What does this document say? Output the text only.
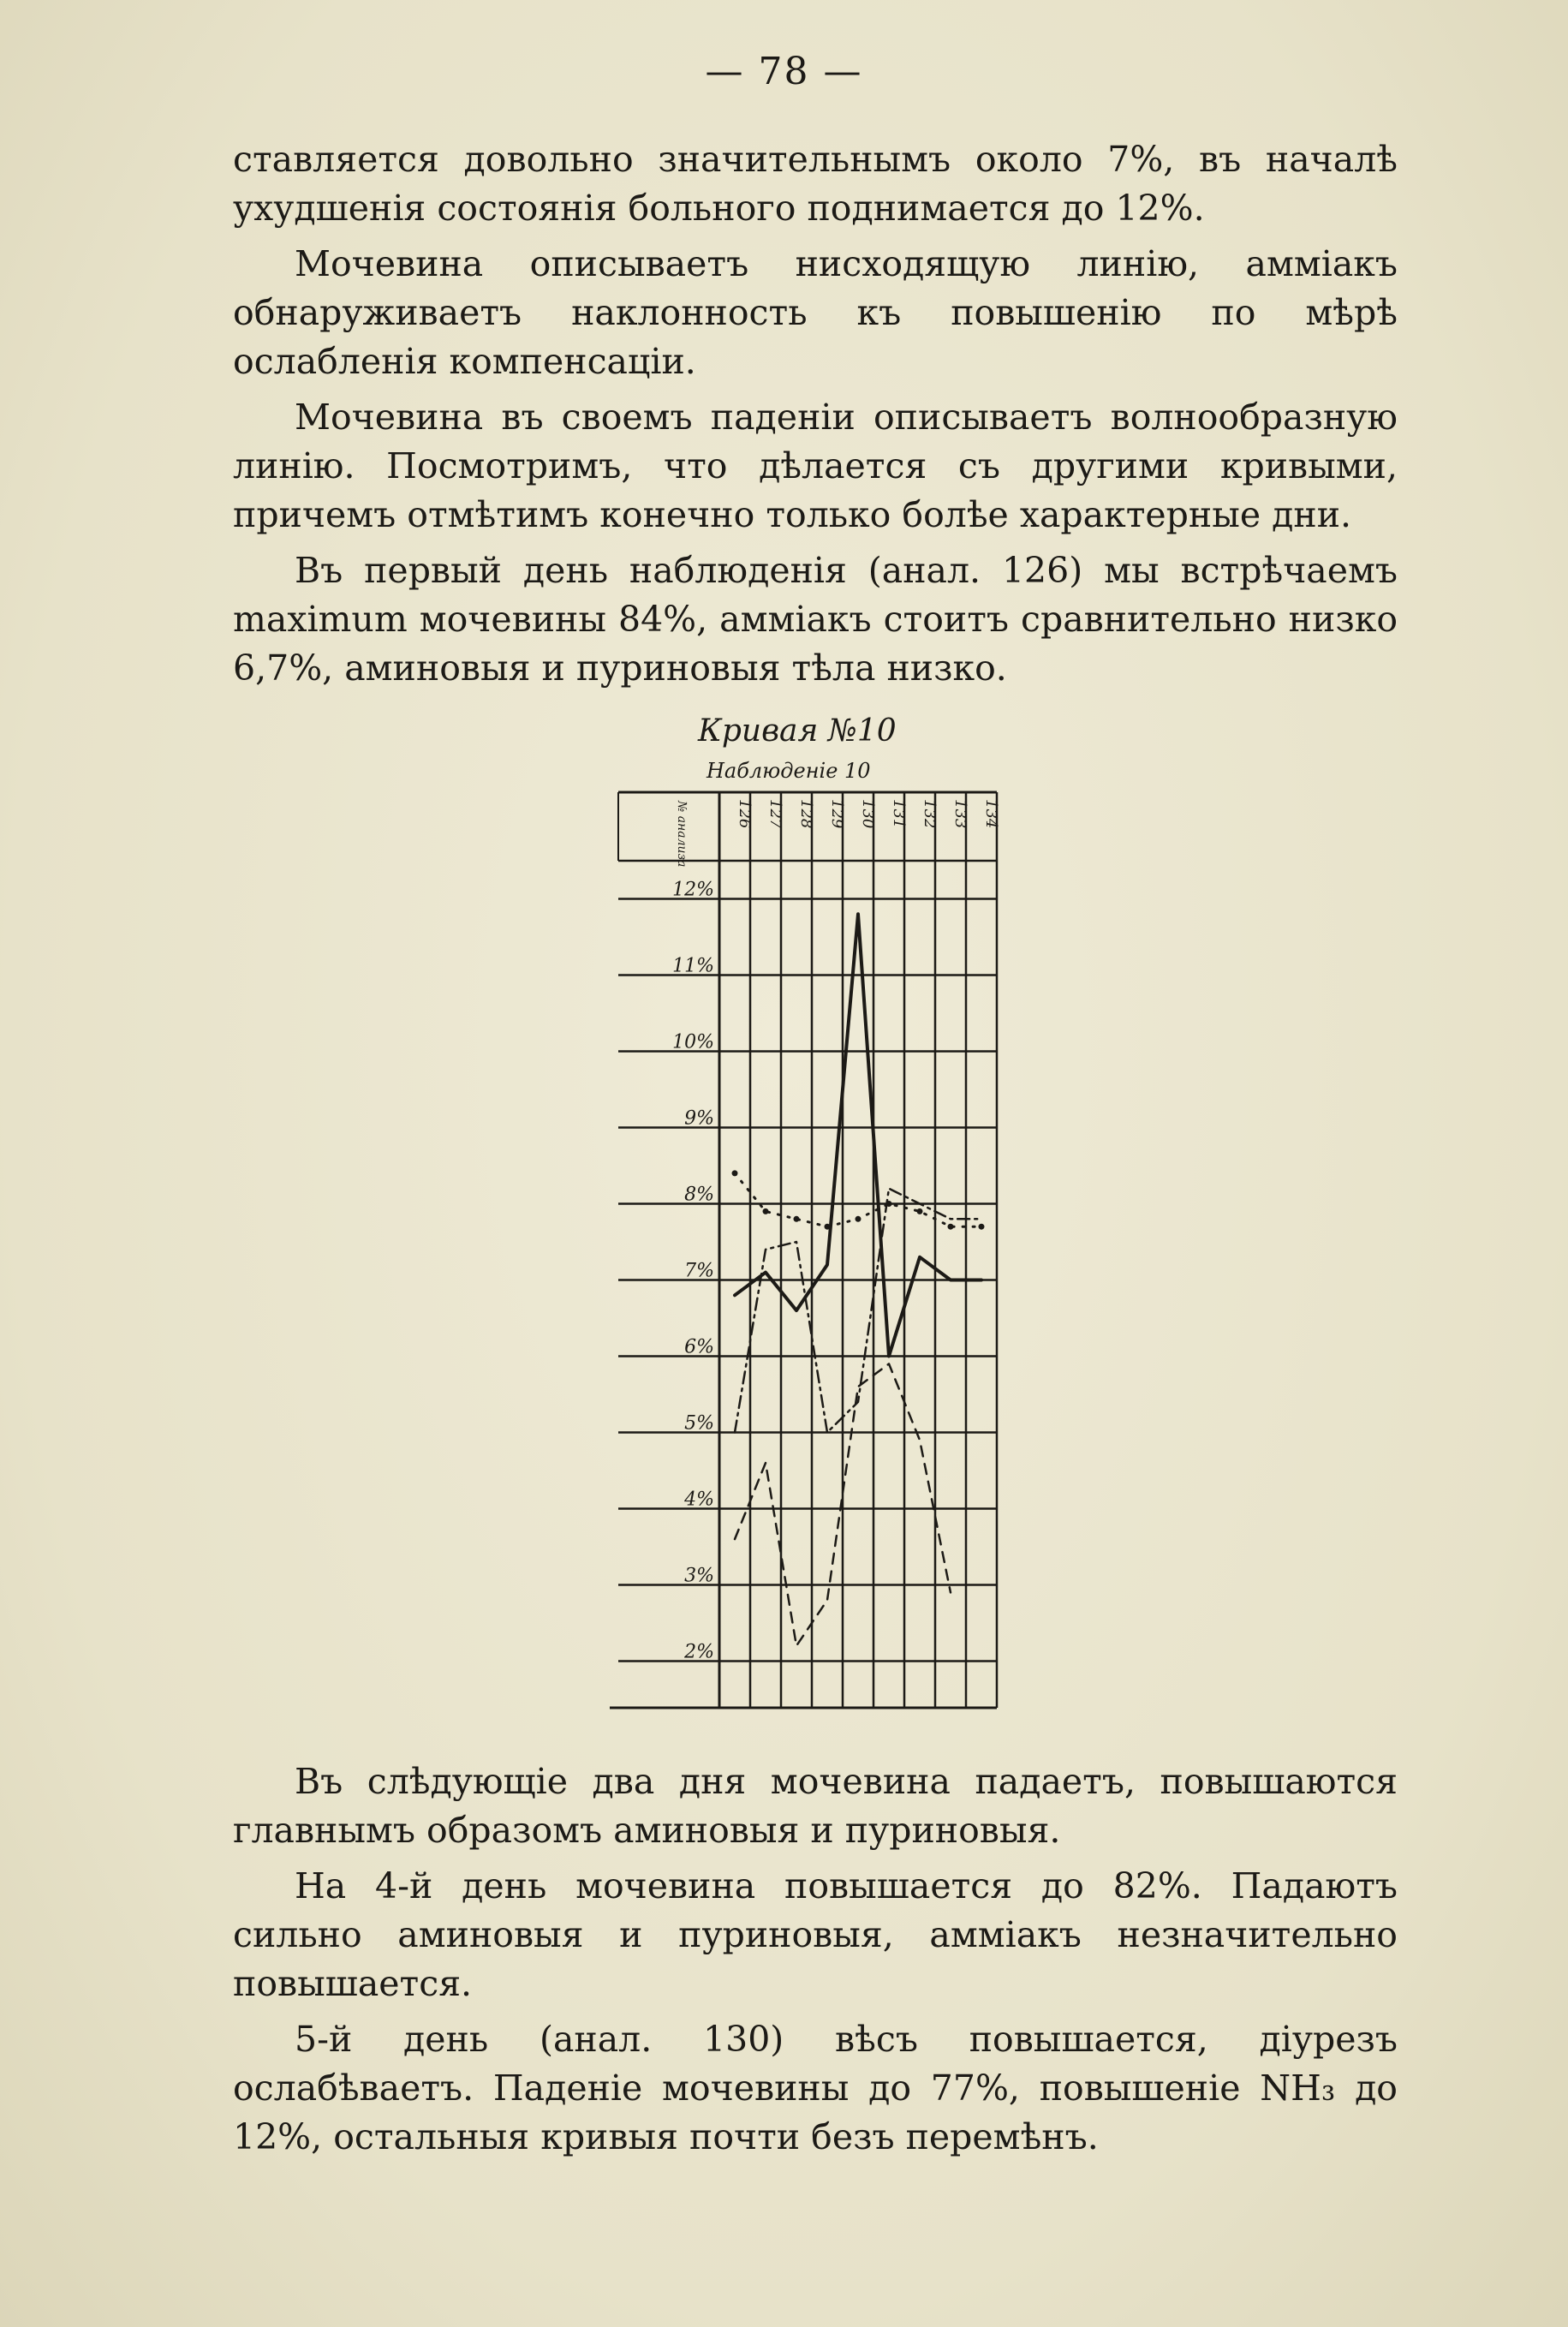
— 78 —

ставляется довольно значительнымъ около 7%, въ началѣ ухудшенія состоянія больного поднимается до 12%.

Мочевина описываетъ нисходящую линію, амміакъ обнаруживаетъ наклонность къ повышенію по мѣрѣ ослабленія компенсаціи.

Мочевина въ своемъ паденіи описываетъ волнообразную линію. Посмотримъ, что дѣлается съ другими кривыми, причемъ отмѣтимъ конечно только болѣе характерные дни.

Въ первый день наблюденія (анал. 126) мы встрѣчаемъ maximum мочевины 84%, амміакъ стоитъ сравнительно низко 6,7%, аминовыя и пуриновыя тѣла низко.

Кривая №10
Наблюденіе 10
№ анализа	126 127 128 129 130 131 132 133 134
12%
11%
10%
9%
8%
7%
6%
5%
4%
3%
2%

Въ слѣдующіе два дня мочевина падаетъ, повышаются главнымъ образомъ аминовыя и пуриновыя.

На 4-й день мочевина повышается до 82%. Падаютъ сильно аминовыя и пуриновыя, амміакъ незначительно повышается.

5-й день (анал. 130) вѣсъ повышается, діурезъ ослабѣваетъ. Паденіе мочевины до 77%, повышеніе NH₃ до 12%, остальныя кривыя почти безъ перемѣнъ.
